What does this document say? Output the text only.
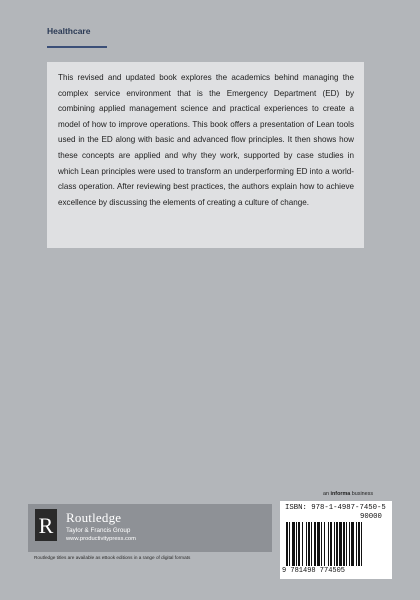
Healthcare

This revised and updated book explores the academics behind managing the complex service environment that is the Emergency Department (ED) by combining applied management science and practical experiences to create a model of how to improve operations. This book offers a presentation of Lean tools used in the ED along with basic and advanced flow principles. It then shows how these concepts are applied and why they work, supported by case studies in which Lean principles were used to transform an underperforming ED into a world-class operation. After reviewing best practices, the authors explain how to achieve excellence by discussing the elements of creating a culture of change.

an informa business
R Routledge
Taylor & Francis Group
www.productivitypress.com
Routledge titles are available as eBook editions in a range of digital formats
ISBN: 978-1-4987-7450-5
90000
9 781498 774505
